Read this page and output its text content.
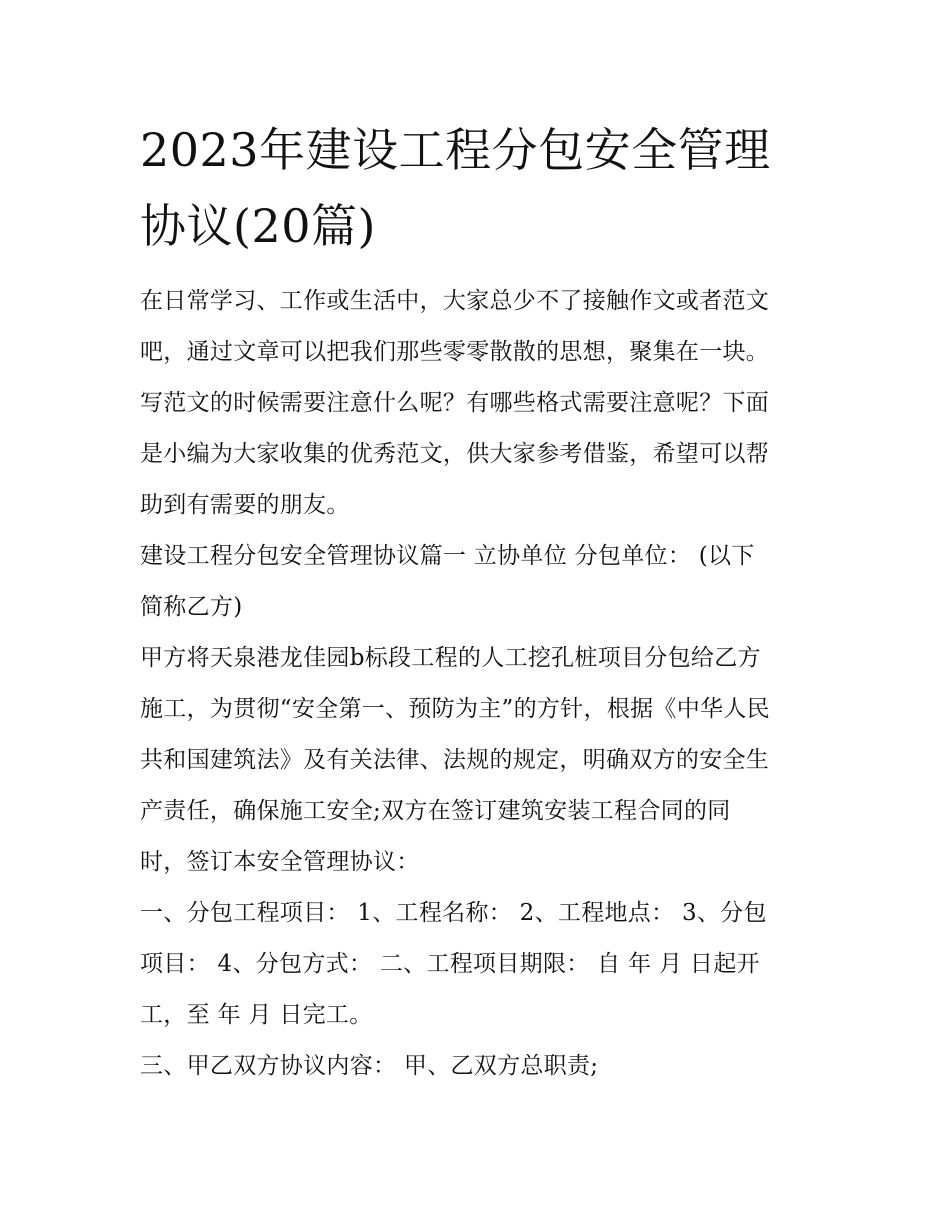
2023年建设工程分包安全管理
协议(20篇)
在日常学习、工作或生活中，大家总少不了接触作文或者范文
吧，通过文章可以把我们那些零零散散的思想，聚集在一块。
写范文的时候需要注意什么呢？有哪些格式需要注意呢？下面
是小编为大家收集的优秀范文，供大家参考借鉴，希望可以帮
助到有需要的朋友。
建设工程分包安全管理协议篇一 立协单位 分包单位： (以下
简称乙方)
甲方将天泉港龙佳园b标段工程的人工挖孔桩项目分包给乙方
施工，为贯彻“安全第一、预防为主”的方针，根据《中华人民
共和国建筑法》及有关法律、法规的规定，明确双方的安全生
产责任，确保施工安全;双方在签订建筑安装工程合同的同
时，签订本安全管理协议：
一、分包工程项目： 1、工程名称： 2、工程地点： 3、分包
项目： 4、分包方式： 二、工程项目期限： 自 年 月 日起开
工，至 年 月 日完工。
三、甲乙双方协议内容： 甲、乙双方总职责;
